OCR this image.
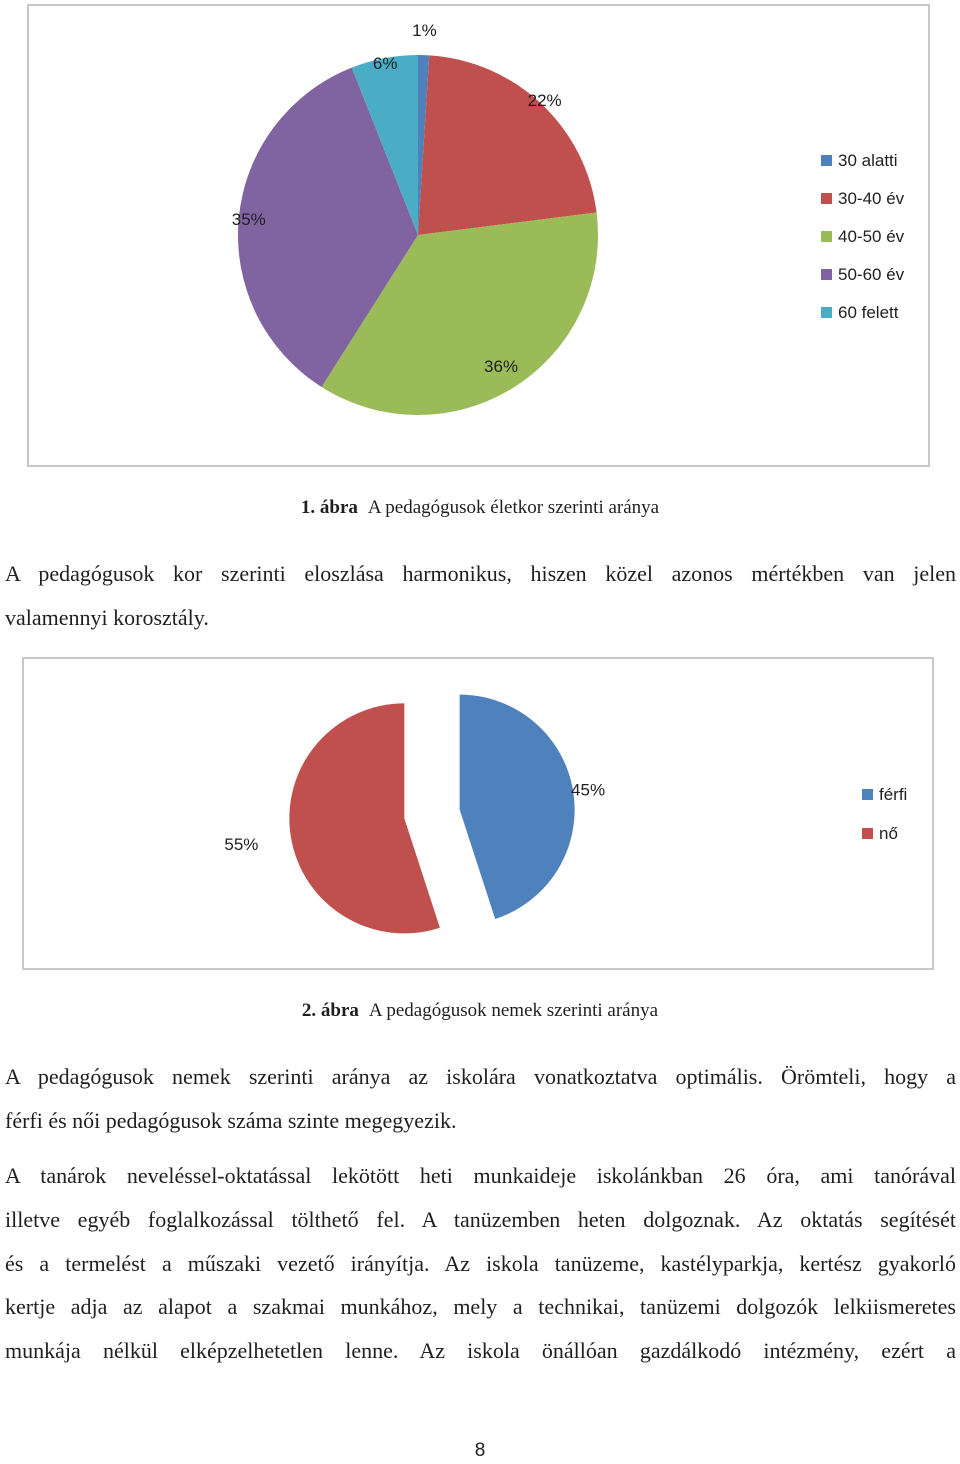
1%
22%
36%
35%
6%
30 alatti
30-40 év
40-50 év
50-60 év
60 felett
1. ábra A pedagógusok életkor szerinti aránya

A pedagógusok kor szerinti eloszlása harmonikus, hiszen közel azonos mértékben van jelen

valamennyi korosztály.

45%
55%
férfi
nő
2. ábra A pedagógusok nemek szerinti aránya

A pedagógusok nemek szerinti aránya az iskolára vonatkoztatva optimális. Örömteli, hogy a

férfi és női pedagógusok száma szinte megegyezik.

A tanárok neveléssel-oktatással lekötött heti munkaideje iskolánkban 26 óra, ami tanórával

illetve egyéb foglalkozással tölthető fel. A tanüzemben heten dolgoznak. Az oktatás segítését

és a termelést a műszaki vezető irányítja. Az iskola tanüzeme, kastélyparkja, kertész gyakorló

kertje adja az alapot a szakmai munkához, mely a technikai, tanüzemi dolgozók lelkiismeretes

munkája nélkül elképzelhetetlen lenne. Az iskola önállóan gazdálkodó intézmény, ezért a

8
